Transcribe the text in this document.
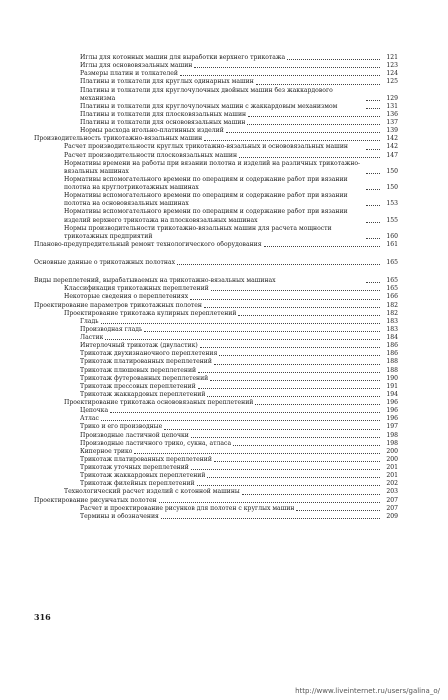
Иглы для котонных машин для выработки верхнего трикотажа	121
Иглы для основовязальных машин	123
Размеры платин и толкателей	124
Платины и толкатели для круглых одинарных машин	125
Платины и толкатели для круглочулочных двойных машин без жаккардового механизма	129
Платины и толкатели для круглочулочных машин с жаккардовым механизмом	131
Платины и толкатели для плосковязальных машин	136
Платины и толкатели для основовязальных машин	137
Нормы расхода игольно-платинных изделий	139
Производительность трикотажно-вязальных машин	142
Расчет производительности круглых трикотажно-вязальных и основовязальных машин	142
Расчет производительности плосковязальных машин	147
Нормативы времени на работы при вязании полотна и изделий на различных трикотажно-вязальных машинах	150
Нормативы вспомогательного времени по операциям и содержание работ при вязании полотна на круглотрикотажных машинах	150
Нормативы вспомогательного времени по операциям и содержание работ при вязании полотна на основовязальных машинах	153
Нормативы вспомогательного времени по операциям и содержание работ при вязании изделий верхнего трикотажа на плосковязальных машинах	155
Нормы производительности трикотажно-вязальных машин для расчета мощности трикотажных предприятий	160
Планово-предупредительный ремонт технологического оборудования	161
Основные данные о трикотажных полотнах	165
Виды переплетений, вырабатываемых на трикотажно-вязальных машинах	165
Классификация трикотажных переплетений	165
Некоторые сведения о переплетениях	166
Проектирование параметров трикотажных полотен	182
Проектирование трикотажа кулирных переплетений	182
Гладь	183
Производная гладь	183
Ластик	184
Интерлочный трикотаж (двуластик)	186
Трикотаж двухизнаночного переплетения	186
Трикотаж платированных переплетений	188
Трикотаж плюшевых переплетений	188
Трикотаж футерованных переплетений	190
Трикотаж прессовых переплетений	191
Трикотаж жаккардовых переплетений	194
Проектирование трикотажа основовязаных переплетений	196
Цепочка	196
Атлас	196
Трико и его производные	197
Производные ластичной цепочки	198
Производные ластичного трико, сукна, атласа	198
Киперное трико	200
Трикотаж платированных переплетений	200
Трикотаж уточных переплетений	201
Трикотаж жаккардовых переплетений	201
Трикотаж филейных переплетений	202
Технологический расчет изделий с котонной машины	203
Проектирование рисунчатых полотен	207
Расчет и проектирование рисунков для полотен с круглых машин	207
Термины и обозначения	209
316
http://www.liveinternet.ru/users/galina_o/
